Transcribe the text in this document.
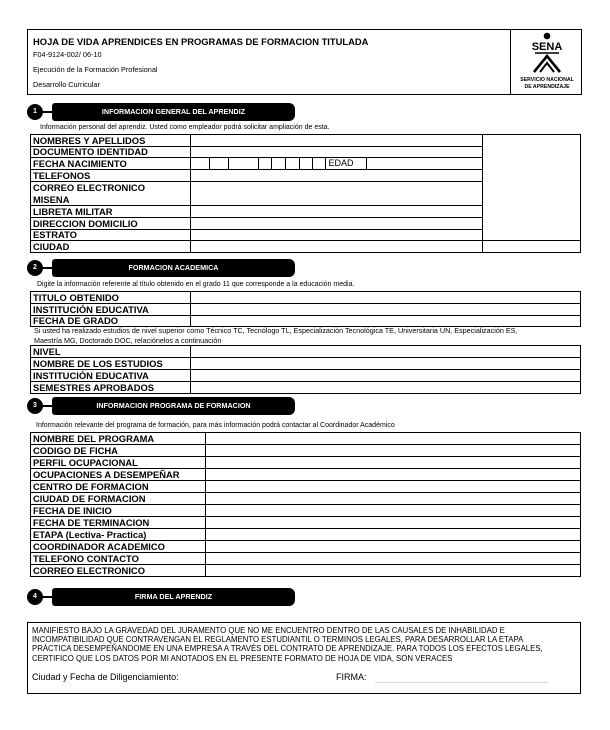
HOJA DE VIDA APRENDICES EN PROGRAMAS DE FORMACION TITULADA
F04-9124-002/ 06-10
Ejecución de la Formación Profesional
Desarrollo Curricular
SENA
SERVICIO NACIONAL
DE APRENDIZAJE
1	INFORMACION GENERAL DEL APRENDIZ
Información personal del aprendiz. Usted como empleador podrá solicitar ampliación de esta.
NOMBRES Y APELLIDOS		
DOCUMENTO IDENTIDAD		
FECHA NACIMIENTO	EDAD	

TELEFONOS		

CORREO ELECTRONICO
MISENA		

LIBRETA MILITAR		
DIRECCION DOMICILIO		
ESTRATO		
CIUDAD		
2	FORMACION ACADEMICA
Digite la información referente al título obtenido en el grado 11 que corresponde a la educación media.
TITULO OBTENIDO	
INSTITUCIÓN EDUCATIVA	
FECHA DE GRADO	
Si usted ha realizado estudios de nivel superior como Técnico TC, Tecnólogo TL, Especialización Tecnológica TE, Universitaria UN, Especialización ES,
Maestría MG, Doctorado DOC, relaciónelos a continuación
NIVEL	
NOMBRE DE LOS ESTUDIOS	
INSTITUCIÓN EDUCATIVA	
SEMESTRES APROBADOS	
3	INFORMACION PROGRAMA DE FORMACION
Información relevante del programa de formación, para más información podrá contactar al Coordinador Académico
NOMBRE DEL PROGRAMA	
CODIGO DE FICHA	
PERFIL OCUPACIONAL	
OCUPACIONES A DESEMPEÑAR	
CENTRO DE FORMACION	
CIUDAD DE FORMACION	
FECHA DE INICIO	
FECHA DE TERMINACION	
ETAPA (Lectiva- Practica)	
COORDINADOR ACADEMICO	
TELEFONO CONTACTO	
CORREO ELECTRONICO	
4	FIRMA DEL APRENDIZ
MANIFIESTO BAJO LA GRAVEDAD DEL JURAMENTO QUE NO ME ENCUENTRO DENTRO DE LAS CAUSALES DE INHABILIDAD E
INCOMPATIBILIDAD QUE CONTRAVENGAN EL REGLAMENTO ESTUDIANTIL O TERMINOS LEGALES, PARA DESARROLLAR LA ETAPA
PRÁCTICA DESEMPEÑANDOME EN UNA EMPRESA A TRAVÉS DEL CONTRATO DE APRENDIZAJE. PARA TODOS LOS EFECTOS LEGALES,
CERTIFICO QUE LOS DATOS POR MI ANOTADOS EN EL PRESENTE FORMATO DE HOJA DE VIDA, SON VERACES
Ciudad y Fecha de Diligenciamiento:	FIRMA:
